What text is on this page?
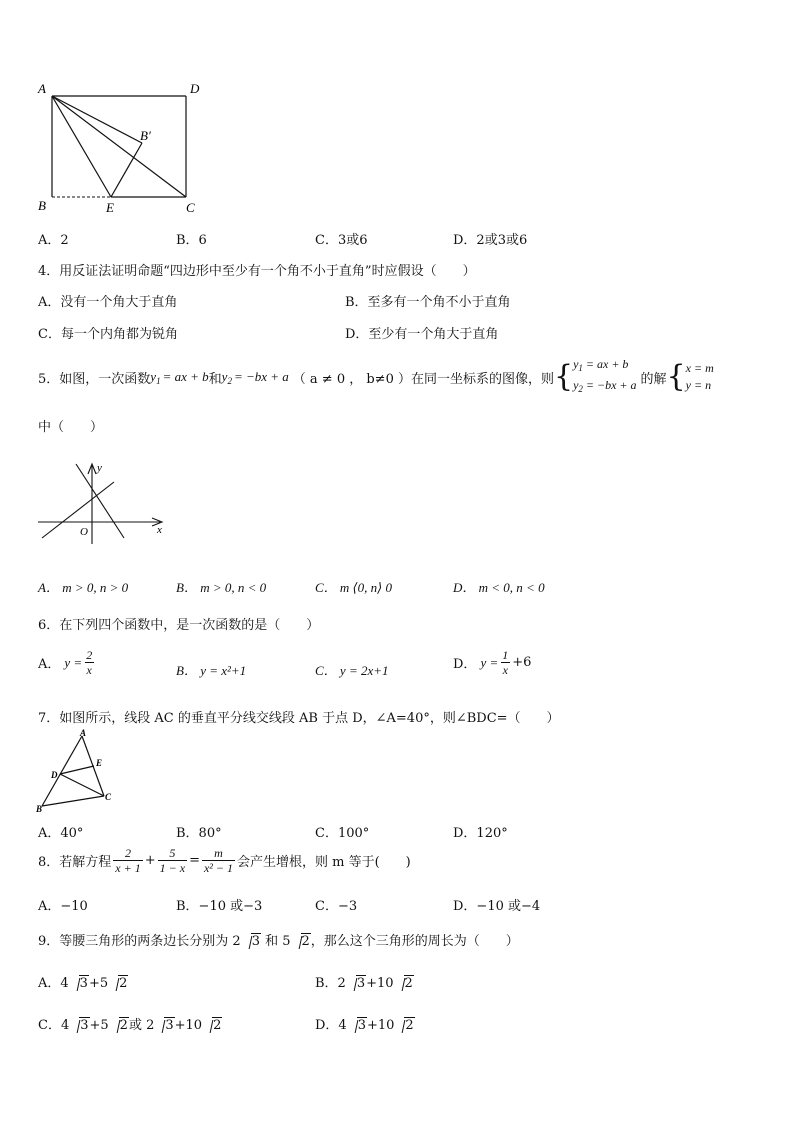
A	D
B′
B	E	C
A．2	B．6	C．3或6	D．2或3或6
4．用反证法证明命题“四边形中至少有一个角不小于直角”时应假设（　　）
A．没有一个角大于直角	B．至多有一个角不小于直角
C．每一个内角都为锐角	D．至少有一个角大于直角
5．如图，一次函数 $y_1$ = ax + b 和 $y_2 = -bx + a$ （ a ≠ 0 ， b≠0 ）在同一坐标系的图像，则 { $y_1$ = ax + b
$y_2 = -bx + a$ 的解 { x = m
y = n
中（　　）
y
x
O
A． m > 0, n > 0	B． m > 0, n < 0	C． m ⟨0, n⟩ 0	D． m < 0, n < 0
6．在下列四个函数中，是一次函数的是（　　）
A． $y = \frac{2}{x}$	B． y = x²+1	C． y = 2x+1	D． $y = \frac{1}{x} +6$
7．如图所示，线段 AC 的垂直平分线交线段 AB 于点 D，∠A=40°，则∠BDC=（　　）
A
D
E
B
C
A．40°	B．80°	C．100°	D．120°
8．若解方程 $\frac{2}{x + 1} + \frac{5}{1 - x} = \frac{m}{\text{x² − 1}}$ 会产生增根，则 m 等于(　　)
A．−10	B．−10 或−3	C．−3	D．−10 或−4
9．等腰三角形的两条边长分别为 2 3 和 5 2，那么这个三角形的周长为（　　）
A．4 3+5 2	B．2 3+10 2
C．4 3+5 2或 2 3+10 2	D．4 3+10 2
